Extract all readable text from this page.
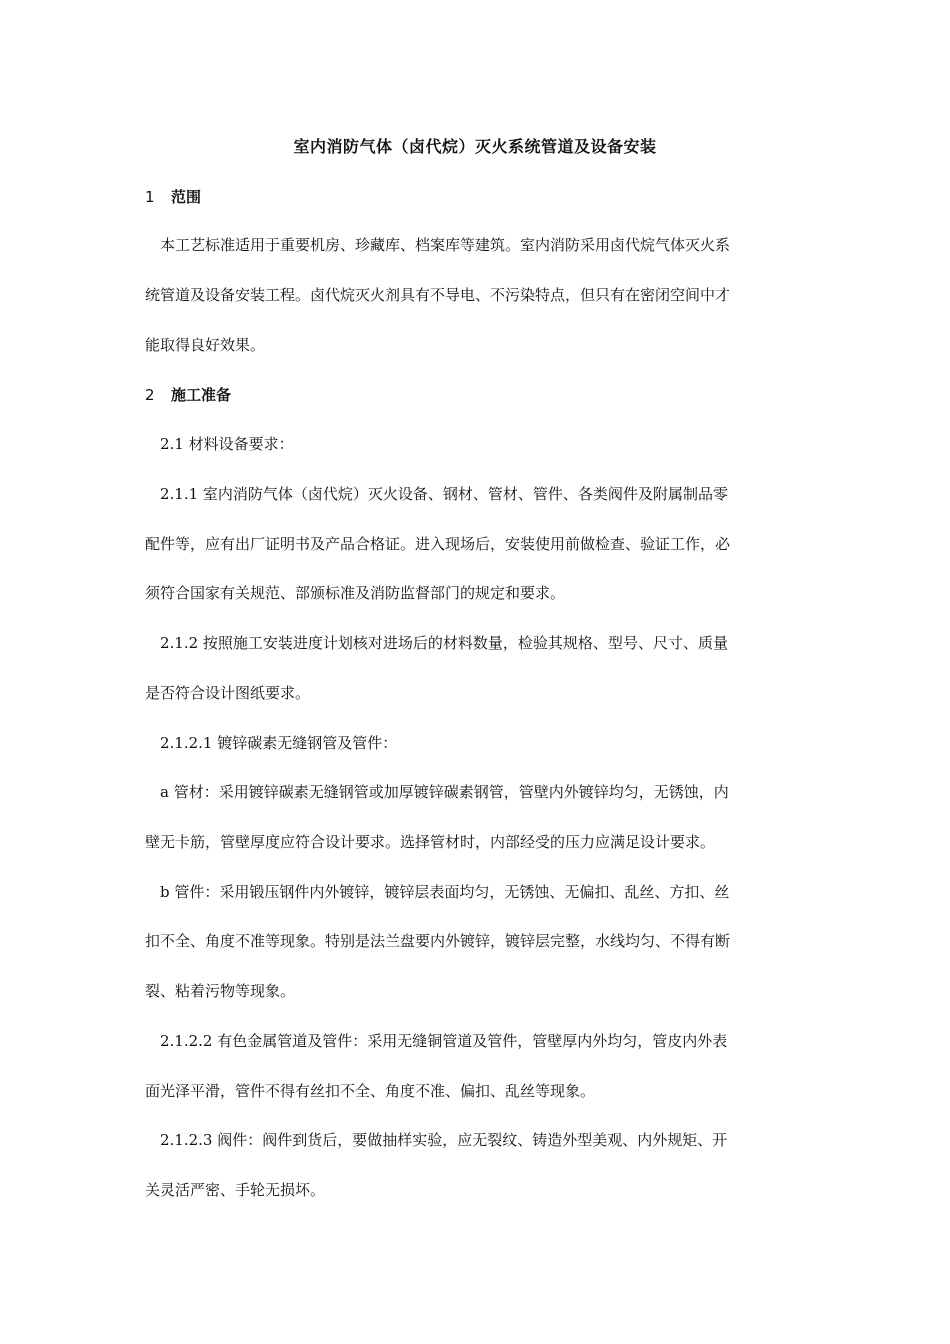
室内消防气体（卤代烷）灭火系统管道及设备安装
1 范围
本工艺标准适用于重要机房、珍藏库、档案库等建筑。室内消防采用卤代烷气体灭火系
统管道及设备安装工程。卤代烷灭火剂具有不导电、不污染特点，但只有在密闭空间中才
能取得良好效果。
2 施工准备
2.1 材料设备要求：
2.1.1 室内消防气体（卤代烷）灭火设备、钢材、管材、管件、各类阀件及附属制品零
配件等，应有出厂证明书及产品合格证。进入现场后，安装使用前做检查、验证工作，必
须符合国家有关规范、部颁标准及消防监督部门的规定和要求。
2.1.2 按照施工安装进度计划核对进场后的材料数量，检验其规格、型号、尺寸、质量
是否符合设计图纸要求。
2.1.2.1 镀锌碳素无缝钢管及管件：
a 管材：采用镀锌碳素无缝钢管或加厚镀锌碳素钢管，管壁内外镀锌均匀，无锈蚀，内
壁无卡筋，管壁厚度应符合设计要求。选择管材时，内部经受的压力应满足设计要求。
b 管件：采用锻压钢件内外镀锌，镀锌层表面均匀，无锈蚀、无偏扣、乱丝、方扣、丝
扣不全、角度不准等现象。特别是法兰盘要内外镀锌，镀锌层完整，水线均匀、不得有断
裂、粘着污物等现象。
2.1.2.2 有色金属管道及管件：采用无缝铜管道及管件，管壁厚内外均匀，管皮内外表
面光泽平滑，管件不得有丝扣不全、角度不准、偏扣、乱丝等现象。
2.1.2.3 阀件：阀件到货后，要做抽样实验，应无裂纹、铸造外型美观、内外规矩、开
关灵活严密、手轮无损坏。
